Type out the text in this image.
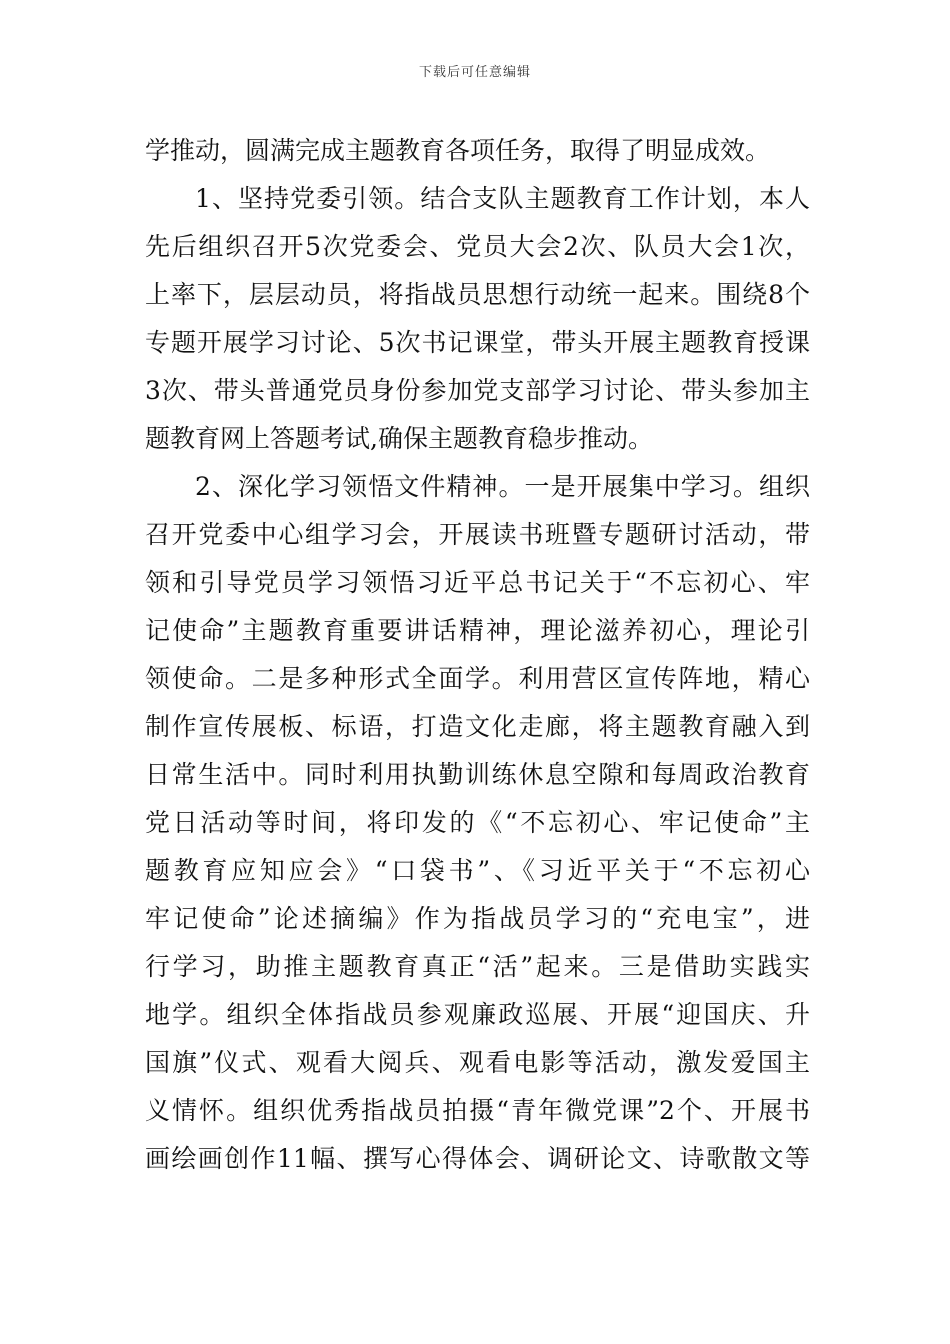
下载后可任意编辑

学推动，圆满完成主题教育各项任务，取得了明显成效。

1、坚持党委引领。结合支队主题教育工作计划，本人
先后组织召开5次党委会、党员大会2次、队员大会1次，
上率下，层层动员，将指战员思想行动统一起来。围绕8个
专题开展学习讨论、5次书记课堂，带头开展主题教育授课
3次、带头普通党员身份参加党支部学习讨论、带头参加主
题教育网上答题考试,确保主题教育稳步推动。

2、深化学习领悟文件精神。一是开展集中学习。组织
召开党委中心组学习会，开展读书班暨专题研讨活动，带
领和引导党员学习领悟习近平总书记关于“不忘初心、牢
记使命”主题教育重要讲话精神，理论滋养初心，理论引
领使命。二是多种形式全面学。利用营区宣传阵地，精心
制作宣传展板、标语，打造文化走廊，将主题教育融入到
日常生活中。同时利用执勤训练休息空隙和每周政治教育
党日活动等时间，将印发的《“不忘初心、牢记使命”主
题教育应知应会》“口袋书”、《习近平关于“不忘初心
牢记使命”论述摘编》作为指战员学习的“充电宝”，进
行学习，助推主题教育真正“活”起来。三是借助实践实
地学。组织全体指战员参观廉政巡展、开展“迎国庆、升
国旗”仪式、观看大阅兵、观看电影等活动，激发爱国主
义情怀。组织优秀指战员拍摄“青年微党课”2个、开展书
画绘画创作11幅、撰写心得体会、调研论文、诗歌散文等
